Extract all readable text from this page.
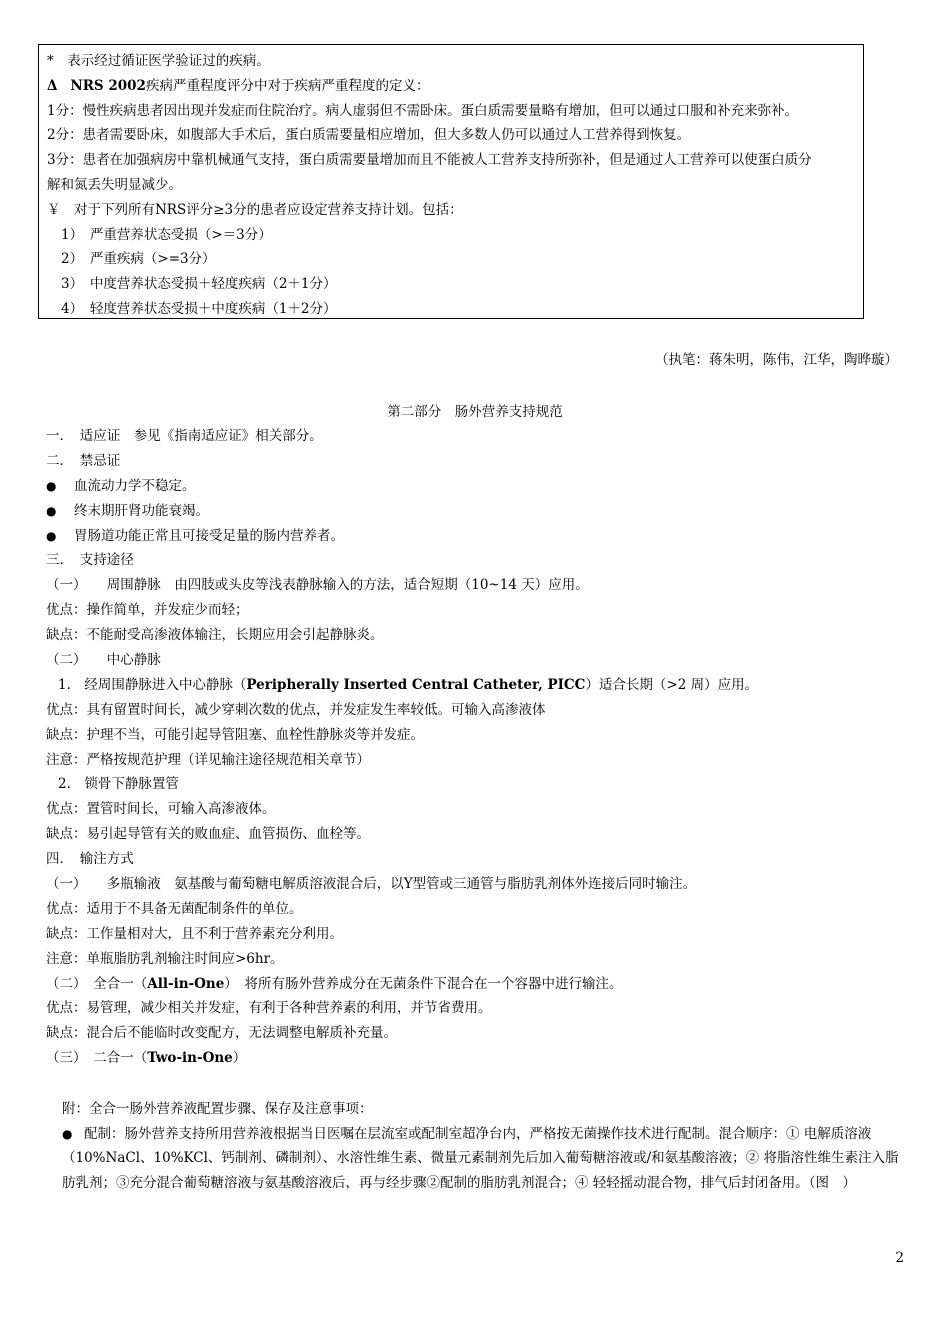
*　表示经过循证医学验证过的疾病。
Δ NRS 2002疾病严重程度评分中对于疾病严重程度的定义：
1分：慢性疾病患者因出现并发症而住院治疗。病人虚弱但不需卧床。蛋白质需要量略有增加，但可以通过口服和补充来弥补。
2分：患者需要卧床，如腹部大手术后，蛋白质需要量相应增加，但大多数人仍可以通过人工营养得到恢复。
3分：患者在加强病房中靠机械通气支持，蛋白质需要量增加而且不能被人工营养支持所弥补，但是通过人工营养可以使蛋白质分
解和氮丢失明显减少。
￥　对于下列所有NRS评分≥3分的患者应设定营养支持计划。包括：
1）　严重营养状态受损（>＝3分）
2）　严重疾病（>=3分）
3）　中度营养状态受损＋轻度疾病（2＋1分）
4）　轻度营养状态受损＋中度疾病（1＋2分）
（执笔：蒋朱明，陈伟，江华，陶晔璇）
第二部分　肠外营养支持规范
一．　适应证　参见《指南适应证》相关部分。
二．　禁忌证
● 血流动力学不稳定。
● 终末期肝肾功能衰竭。
● 胃肠道功能正常且可接受足量的肠内营养者。
三．　支持途径
（一）　　周围静脉　由四肢或头皮等浅表静脉输入的方法，适合短期（10~14 天）应用。
优点：操作简单，并发症少而轻；
缺点：不能耐受高渗液体输注，长期应用会引起静脉炎。
（二）　　中心静脉
1.　经周围静脉进入中心静脉（Peripherally Inserted Central Catheter, PICC）适合长期（>2 周）应用。
优点：具有留置时间长，减少穿刺次数的优点，并发症发生率较低。可输入高渗液体
缺点：护理不当，可能引起导管阻塞、血栓性静脉炎等并发症。
注意：严格按规范护理（详见输注途径规范相关章节）
2.　锁骨下静脉置管
优点：置管时间长，可输入高渗液体。
缺点：易引起导管有关的败血症、血管损伤、血栓等。
四．　输注方式
（一）　　多瓶输液　氨基酸与葡萄糖电解质溶液混合后，以Y型管或三通管与脂肪乳剂体外连接后同时输注。
优点：适用于不具备无菌配制条件的单位。
缺点：工作量相对大，且不利于营养素充分利用。
注意：单瓶脂肪乳剂输注时间应>6hr。
（二）　全合一（All-in-One）　将所有肠外营养成分在无菌条件下混合在一个容器中进行输注。
优点：易管理，减少相关并发症，有利于各种营养素的利用，并节省费用。
缺点：混合后不能临时改变配方，无法调整电解质补充量。
（三）　二合一（Two-in-One）
附：全合一肠外营养液配置步骤、保存及注意事项：
● 配制：肠外营养支持所用营养液根据当日医嘱在层流室或配制室超净台内，严格按无菌操作技术进行配制。混合顺序：① 电解质溶液（10%NaCl、10%KCl、钙制剂、磷制剂）、水溶性维生素、微量元素制剂先后加入葡萄糖溶液或/和氨基酸溶液；② 将脂溶性维生素注入脂肪乳剂；③充分混合葡萄糖溶液与氨基酸溶液后，再与经步骤②配制的脂肪乳剂混合；④ 轻轻摇动混合物，排气后封闭备用。（图　）
2
